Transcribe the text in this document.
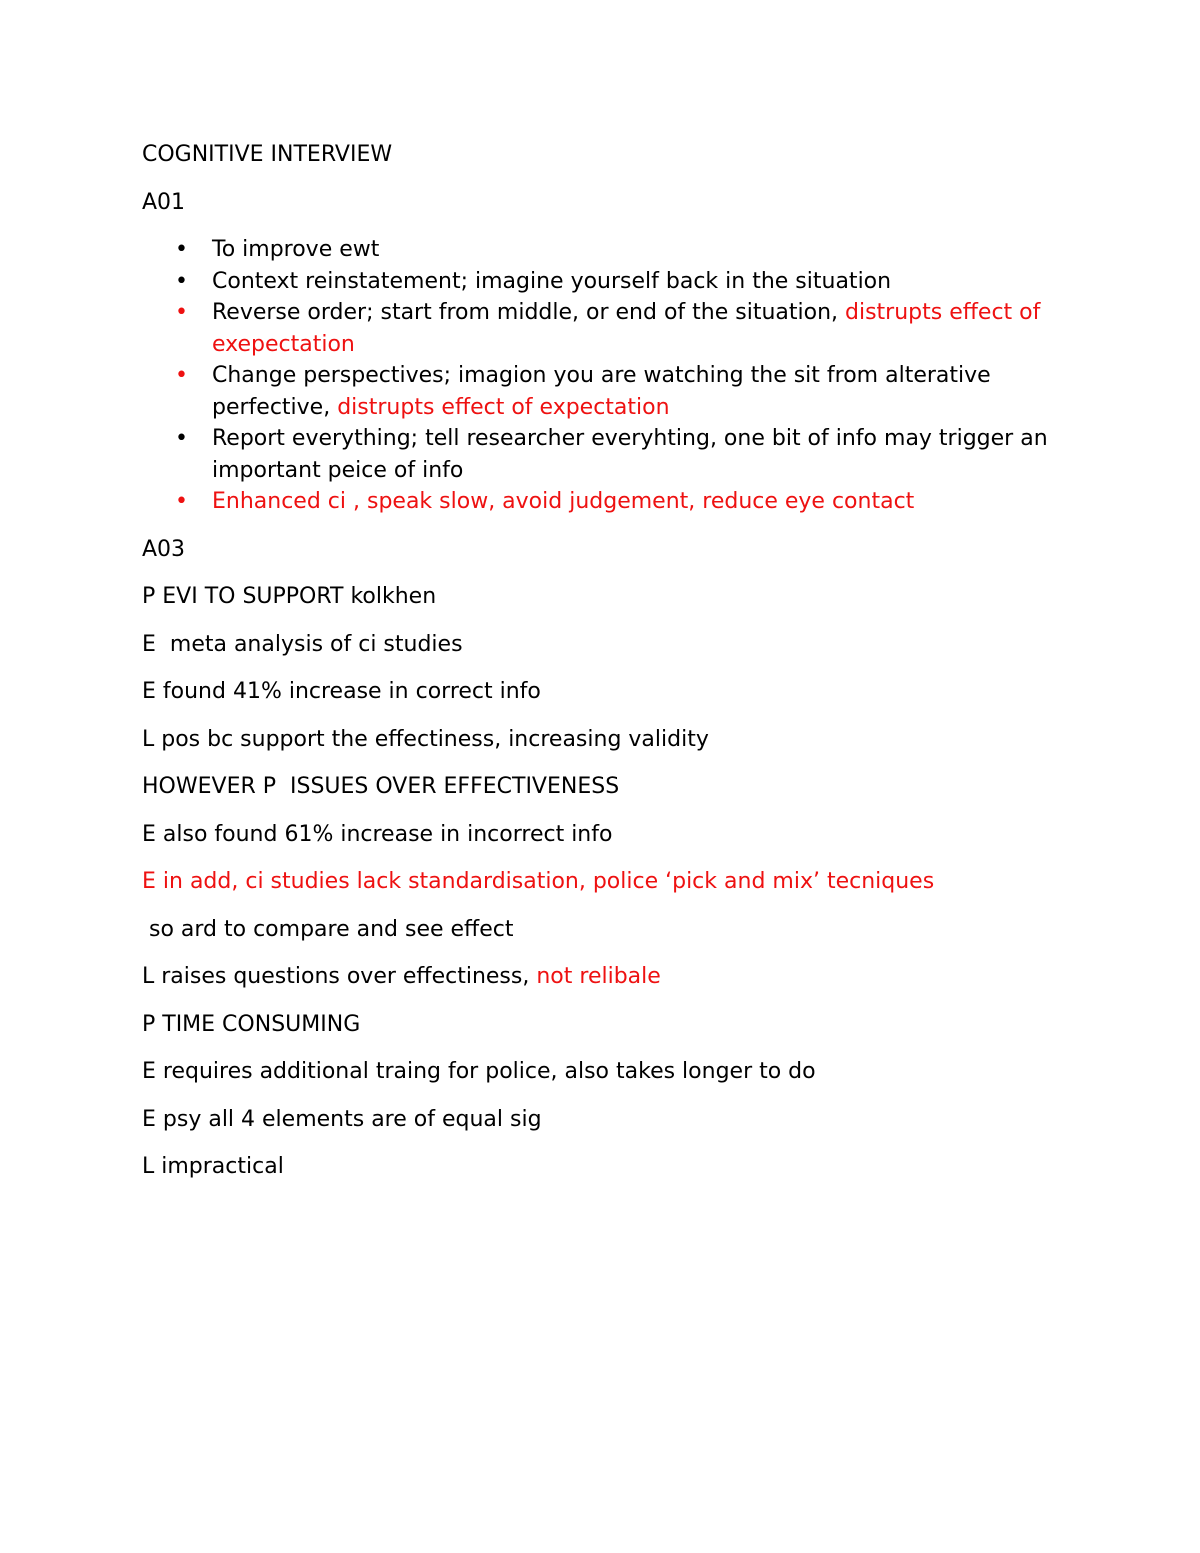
COGNITIVE INTERVIEW

A01

• To improve ewt
• Context reinstatement; imagine yourself back in the situation
• Reverse order; start from middle, or end of the situation, distrupts effect of exepectation
• Change perspectives; imagion you are watching the sit from alterative perfective, distrupts effect of expectation
• Report everything; tell researcher everyhting, one bit of info may trigger an important peice of info
• Enhanced ci , speak slow, avoid judgement, reduce eye contact

A03

P EVI TO SUPPORT kolkhen

E  meta analysis of ci studies

E found 41% increase in correct info

L pos bc support the effectiness, increasing validity

HOWEVER P  ISSUES OVER EFFECTIVENESS

E also found 61% increase in incorrect info

E in add, ci studies lack standardisation, police ‘pick and mix’ tecniques

so ard to compare and see effect

L raises questions over effectiness, not relibale

P TIME CONSUMING

E requires additional traing for police, also takes longer to do

E psy all 4 elements are of equal sig

L impractical
